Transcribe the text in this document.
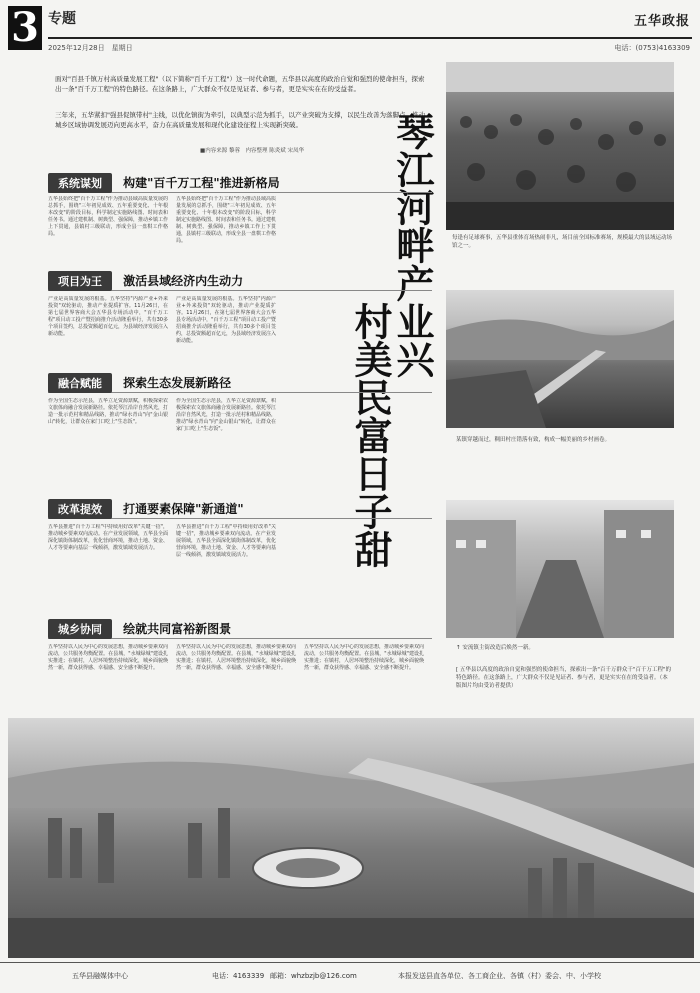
3 专题
2025年12月28日　星期日
五华政报
电话：(0753)4163309
面对"百县千镇万村高质量发展工程"（以下简称"百千万工程"）这一时代命题，五华县以高度的政治自觉和强烈的使命担当，探索出一条"百千万工程"的特色路径。在这条路上，广大群众不仅是见证者、参与者，更是实实在在的受益者。
三年来，五华紧扣"强县促镇带村"主线，以优化镇街为牵引，以典型示范为抓手，以产业突破为支撑，以民生改善为落脚点，推动城乡区域协调发展迈向更高水平，奋力在高质量发展和现代化建设征程上实现新突破。
■内容来源 黎蓉　内容整理 陈炎斌 宋凤华 琴江河畔产业兴
村美民富日子甜
系统谋划 构建"百千万工程"推进新格局
五华县始终把"百千万工程"作为推动县域高质量发展的总抓手，围绕"三年初见成效、五年重要变化、十年根本改变"的阶段目标，科学制定实施路线图、时间表和任务书。通过建机制、树典型、强保障，推动乡镇工作上下贯通，县镇村三级联动，形成全县一盘棋工作格局。
五华县始终把"百千万工程"作为推动县域高质量发展的总抓手，围绕"三年初见成效、五年重要变化、十年根本改变"的阶段目标，科学制定实施路线图、时间表和任务书。通过建机制、树典型、强保障，推动乡镇工作上下贯通，县镇村三级联动，形成全县一盘棋工作格局。
项目为王 激活县域经济内生动力
产业是高质量发展的根基。五华坚持"内源产业+外来投资"双轮驱动，推动产业提质扩容。11月26日，在第七届世界客商大会五华县专场活动中，"百千万工程"项目动工投产暨招商推介活动隆重举行，共有30多个项目签约，总投资额超百亿元，为县域经济发展注入新动能。
产业是高质量发展的根基。五华坚持"内源产业+外来投资"双轮驱动，推动产业提质扩容。11月26日，在第七届世界客商大会五华县专场活动中，"百千万工程"项目动工投产暨招商推介活动隆重举行，共有30多个项目签约，总投资额超百亿元，为县域经济发展注入新动能。
融合赋能 探索生态发展新路径
作为全国生态示范县，五华立足资源禀赋，积极探索农文旅体商融合发展新路径。依托琴江沿岸自然风光，打造一批示范村和精品线路，推动"绿水青山"向"金山银山"转化，让群众在家门口吃上"生态饭"。
作为全国生态示范县，五华立足资源禀赋，积极探索农文旅体商融合发展新路径。依托琴江沿岸自然风光，打造一批示范村和精品线路，推动"绿水青山"向"金山银山"转化，让群众在家门口吃上"生态饭"。
改革提效 打通要素保障"新通道"
五华县推进"百千万工程"中持续用好改革"关键一招"，推动城乡要素双向流动。在产业发展领域，五华县全面深化镇街体制改革，优化营商环境，推动土地、资金、人才等要素向基层一线倾斜，激发镇域发展活力。
五华县推进"百千万工程"中持续用好改革"关键一招"，推动城乡要素双向流动。在产业发展领域，五华县全面深化镇街体制改革，优化营商环境，推动土地、资金、人才等要素向基层一线倾斜，激发镇域发展活力。
城乡协同 绘就共同富裕新图景
五华坚持以人民为中心的发展思想，推动城乡要素双向流动，公共服务均衡配置。在县城，"水城绿城"建设扎实推进；在镇村，人居环境整治持续深化，城乡面貌焕然一新，群众获得感、幸福感、安全感不断提升。
五华坚持以人民为中心的发展思想，推动城乡要素双向流动，公共服务均衡配置。在县城，"水城绿城"建设扎实推进；在镇村，人居环境整治持续深化，城乡面貌焕然一新，群众获得感、幸福感、安全感不断提升。
五华坚持以人民为中心的发展思想，推动城乡要素双向流动，公共服务均衡配置。在县城，"水城绿城"建设扎实推进；在镇村，人居环境整治持续深化，城乡面貌焕然一新，群众获得感、幸福感、安全感不断提升。
每逢有足球赛事，五华县重体育场热闹非凡，场目前全国标准赛场，规模最大的县域运动场馆之一。
某镇穿越而过，稠田村庄错落有致，构成一幅美丽的乡村画卷。
↑ 安流镇主街改造后焕然一新。
[ 五华县以高度的政治自觉和强烈的使命担当，探索出一条"百千万群众干"百千万工程"的特色路径。在这条路上，广大群众不仅是见证者、参与者，更是实实在在的受益者。（本版图片均由受访者提供）
五华县融媒体中心	电话：4163339 邮箱：whzbzjb@126.com	本报发送县直各单位、各工商企业、各镇（村）委会、中、小学校
